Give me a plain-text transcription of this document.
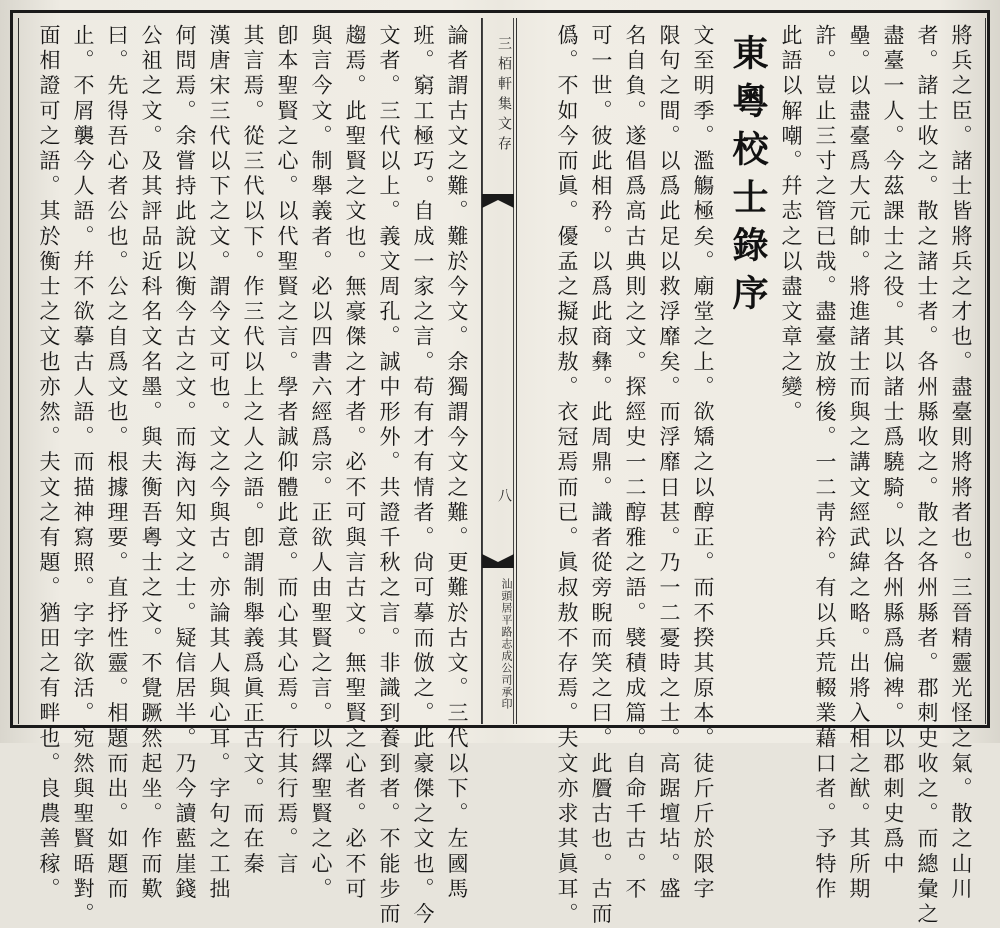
論者謂古文之難。難於今文。余獨謂今文之難。更難於古文。三代以下。左國馬
班。窮工極巧。自成一家之言。苟有才有情者。尙可摹而倣之。此豪傑之文也。今
文者。三代以上。義文周孔。誠中形外。共證千秋之言。非識到養到者。不能步而
趨焉。此聖賢之文也。無豪傑之才者。必不可與言古文。無聖賢之心者。必不可
與言今文。制舉義者。必以四書六經爲宗。正欲人由聖賢之言。以繹聖賢之心。
卽本聖賢之心。以代聖賢之言。學者誠仰體此意。而心其心焉。行其行焉。言
其言焉。從三代以下。作三代以上之人之語。卽謂制舉義爲眞正古文。而在秦
漢唐宋三代以下之文。謂今文可也。文之今與古。亦論其人與心耳。字句之工拙
何問焉。余嘗持此說以衡今古之文。而海內知文之士。疑信居半。乃今讀藍崖錢
公祖之文。及其評品近科名文名墨。與夫衡吾粵士之文。不覺蹶然起坐。作而歎
曰。先得吾心者公也。公之自爲文也。根據理要。直抒性靈。相題而出。如題而
止。不屑襲今人語。幷不欲摹古人語。而描神寫照。字字欲活。宛然與聖賢晤對。
面相證可之語。其於衡士之文也亦然。夫文之有題。猶田之有畔也。良農善稼。	三栢軒集文存
八
汕頭居平路志成公司承印	將兵之臣。諸士皆將兵之才也。盡臺則將將者也。三晉精靈光怪之氣。散之山川
者。諸士收之。散之諸士者。各州縣收之。散之各州縣者。郡刺史收之。而總彙之
盡臺一人。今茲課士之役。其以諸士爲驍騎。以各州縣爲偏裨。以郡刺史爲中
壘。以盡臺爲大元帥。將進諸士而與之講文經武緯之略。出將入相之猷。其所期
許。豈止三寸之管已哉。盡臺放榜後。一二靑衿。有以兵荒輟業藉口者。予特作
此語以解嘲。幷志之以盡文章之變。
東粵校士錄序
文至明季。濫觴極矣。廟堂之上。欲矯之以醇正。而不揆其原本。徒斤斤於限字
限句之間。以爲此足以救浮靡矣。而浮靡日甚。乃一二憂時之士。高踞壇坫。盛
名自負。遂倡爲高古典則之文。探經史一二醇雅之語。襞積成篇。自命千古。不
可一世。彼此相矜。以爲此商彝。此周鼎。識者從旁睨而笑之曰。此贗古也。古而
僞。不如今而眞。優孟之擬叔敖。衣冠焉而已。眞叔敖不存焉。夫文亦求其眞耳。
